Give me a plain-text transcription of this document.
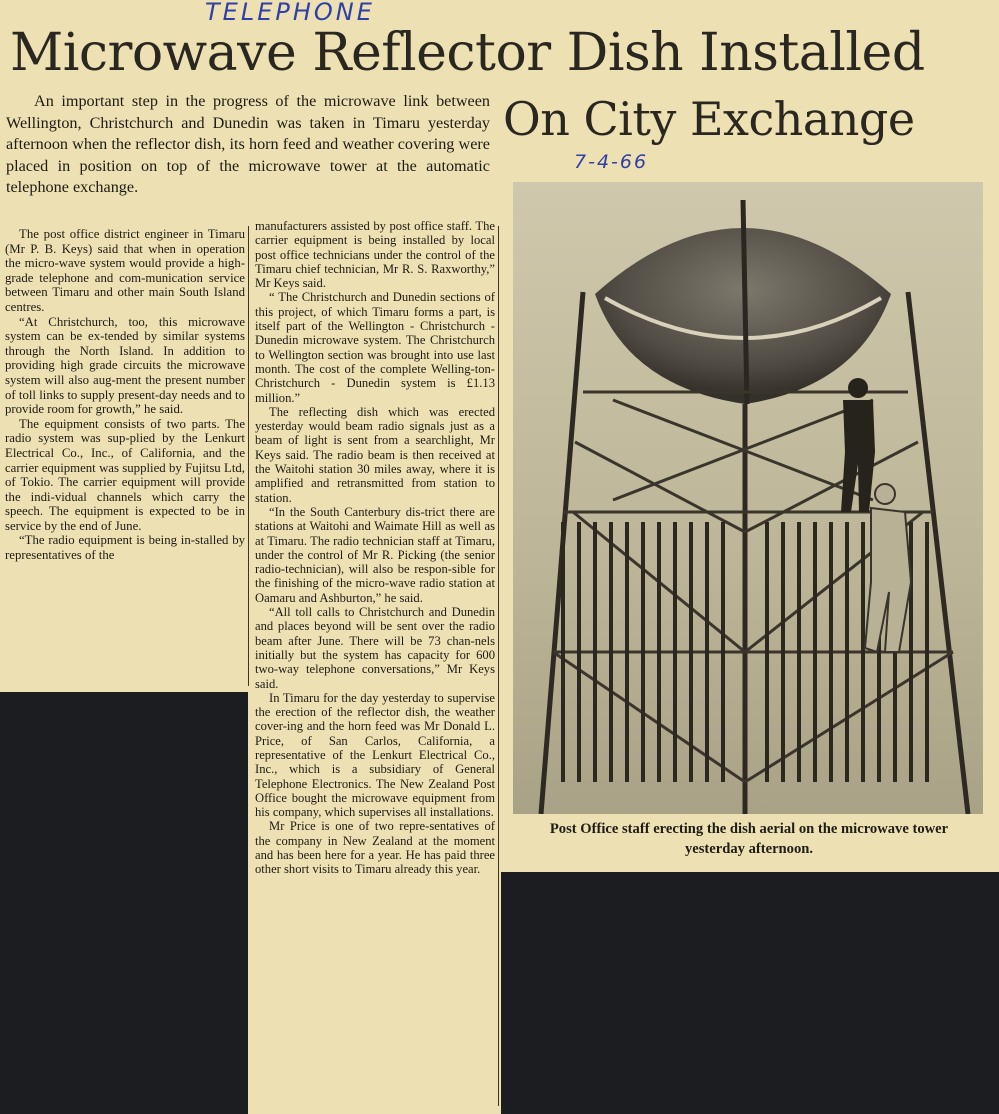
TELEPHONE
7-4-66
Microwave Reflector Dish Installed
On City Exchange

An important step in the progress of the microwave link between Wellington, Christchurch and Dunedin was taken in Timaru yesterday afternoon when the reflector dish, its horn feed and weather covering were placed in position on top of the microwave tower at the automatic telephone exchange.

The post office district engineer in Timaru (Mr P. B. Keys) said that when in operation the micro-wave system would provide a high-grade telephone and com-munication service between Timaru and other main South Island centres.

“At Christchurch, too, this microwave system can be ex-tended by similar systems through the North Island. In addition to providing high grade circuits the microwave system will also aug-ment the present number of toll links to supply present-day needs and to provide room for growth,” he said.

The equipment consists of two parts. The radio system was sup-plied by the Lenkurt Electrical Co., Inc., of California, and the carrier equipment was supplied by Fujitsu Ltd, of Tokio. The carrier equipment will provide the indi-vidual channels which carry the speech. The equipment is expected to be in service by the end of June.

“The radio equipment is being in-stalled by representatives of the

manufacturers assisted by post office staff. The carrier equipment is being installed by local post office technicians under the control of the Timaru chief technician, Mr R. S. Raxworthy,” Mr Keys said.

“ The Christchurch and Dunedin sections of this project, of which Timaru forms a part, is itself part of the Wellington - Christchurch - Dunedin microwave system. The Christchurch to Wellington section was brought into use last month. The cost of the complete Welling-ton-Christchurch - Dunedin system is £1.13 million.”

The reflecting dish which was erected yesterday would beam radio signals just as a beam of light is sent from a searchlight, Mr Keys said. The radio beam is then received at the Waitohi station 30 miles away, where it is amplified and retransmitted from station to station.

“In the South Canterbury dis-trict there are stations at Waitohi and Waimate Hill as well as at Timaru. The radio technician staff at Timaru, under the control of Mr R. Picking (the senior radio-technician), will also be respon-sible for the finishing of the micro-wave radio station at Oamaru and Ashburton,” he said.

“All toll calls to Christchurch and Dunedin and places beyond will be sent over the radio beam after June. There will be 73 chan-nels initially but the system has capacity for 600 two-way telephone conversations,” Mr Keys said.

In Timaru for the day yesterday to supervise the erection of the reflector dish, the weather cover-ing and the horn feed was Mr Donald L. Price, of San Carlos, California, a representative of the Lenkurt Electrical Co., Inc., which is a subsidiary of General Telephone Electronics. The New Zealand Post Office bought the microwave equipment from his company, which supervises all installations.

Mr Price is one of two repre-sentatives of the company in New Zealand at the moment and has been here for a year. He has paid three other short visits to Timaru already this year.

Post Office staff erecting the dish aerial on the microwave tower yesterday afternoon.
